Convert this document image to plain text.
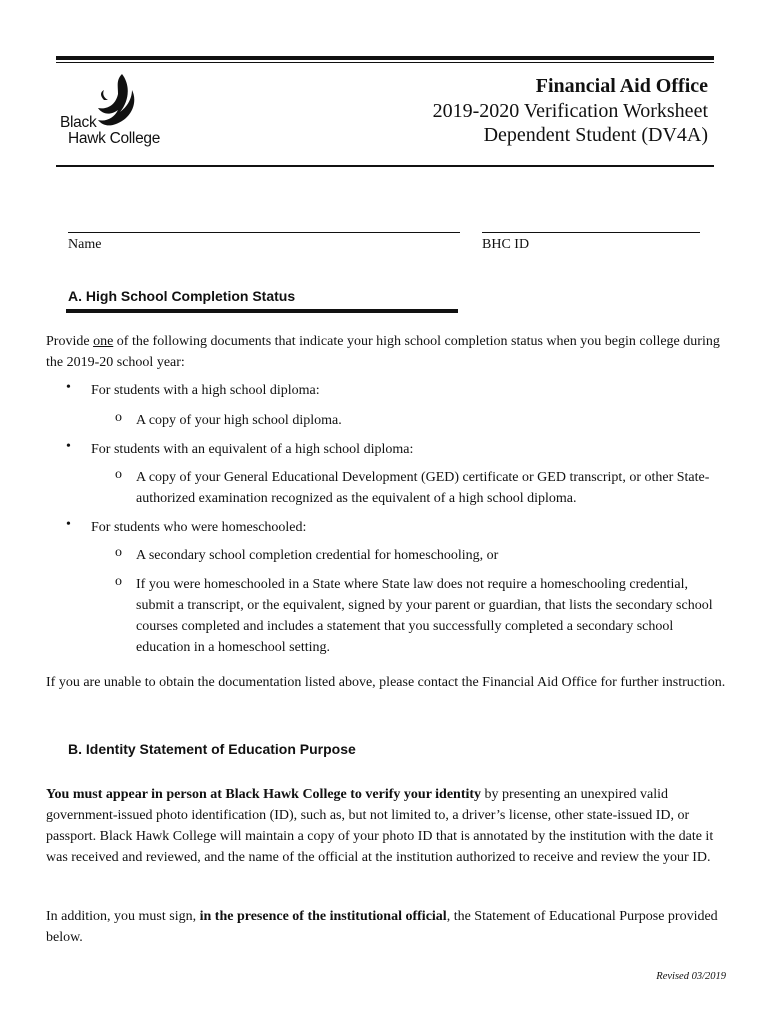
Black
Hawk College
Financial Aid Office
2019-2020 Verification Worksheet
Dependent Student (DV4A)
Name	BHC ID
A. High School Completion Status
Provide one of the following documents that indicate your high school completion status when you begin college during the 2019-20 school year:
• For students with a high school diploma:
o A copy of your high school diploma.
• For students with an equivalent of a high school diploma:
o A copy of your General Educational Development (GED) certificate or GED transcript, or other State-authorized examination recognized as the equivalent of a high school diploma.
• For students who were homeschooled:
o A secondary school completion credential for homeschooling, or
o If you were homeschooled in a State where State law does not require a homeschooling credential, submit a transcript, or the equivalent, signed by your parent or guardian, that lists the secondary school courses completed and includes a statement that you successfully completed a secondary school education in a homeschool setting.
If you are unable to obtain the documentation listed above, please contact the Financial Aid Office for further instruction.
B. Identity Statement of Education Purpose
You must appear in person at Black Hawk College to verify your identity by presenting an unexpired valid government-issued photo identification (ID), such as, but not limited to, a driver’s license, other state-issued ID, or passport. Black Hawk College will maintain a copy of your photo ID that is annotated by the institution with the date it was received and reviewed, and the name of the official at the institution authorized to receive and review the your ID.
In addition, you must sign, in the presence of the institutional official, the Statement of Educational Purpose provided below.
Revised 03/2019
